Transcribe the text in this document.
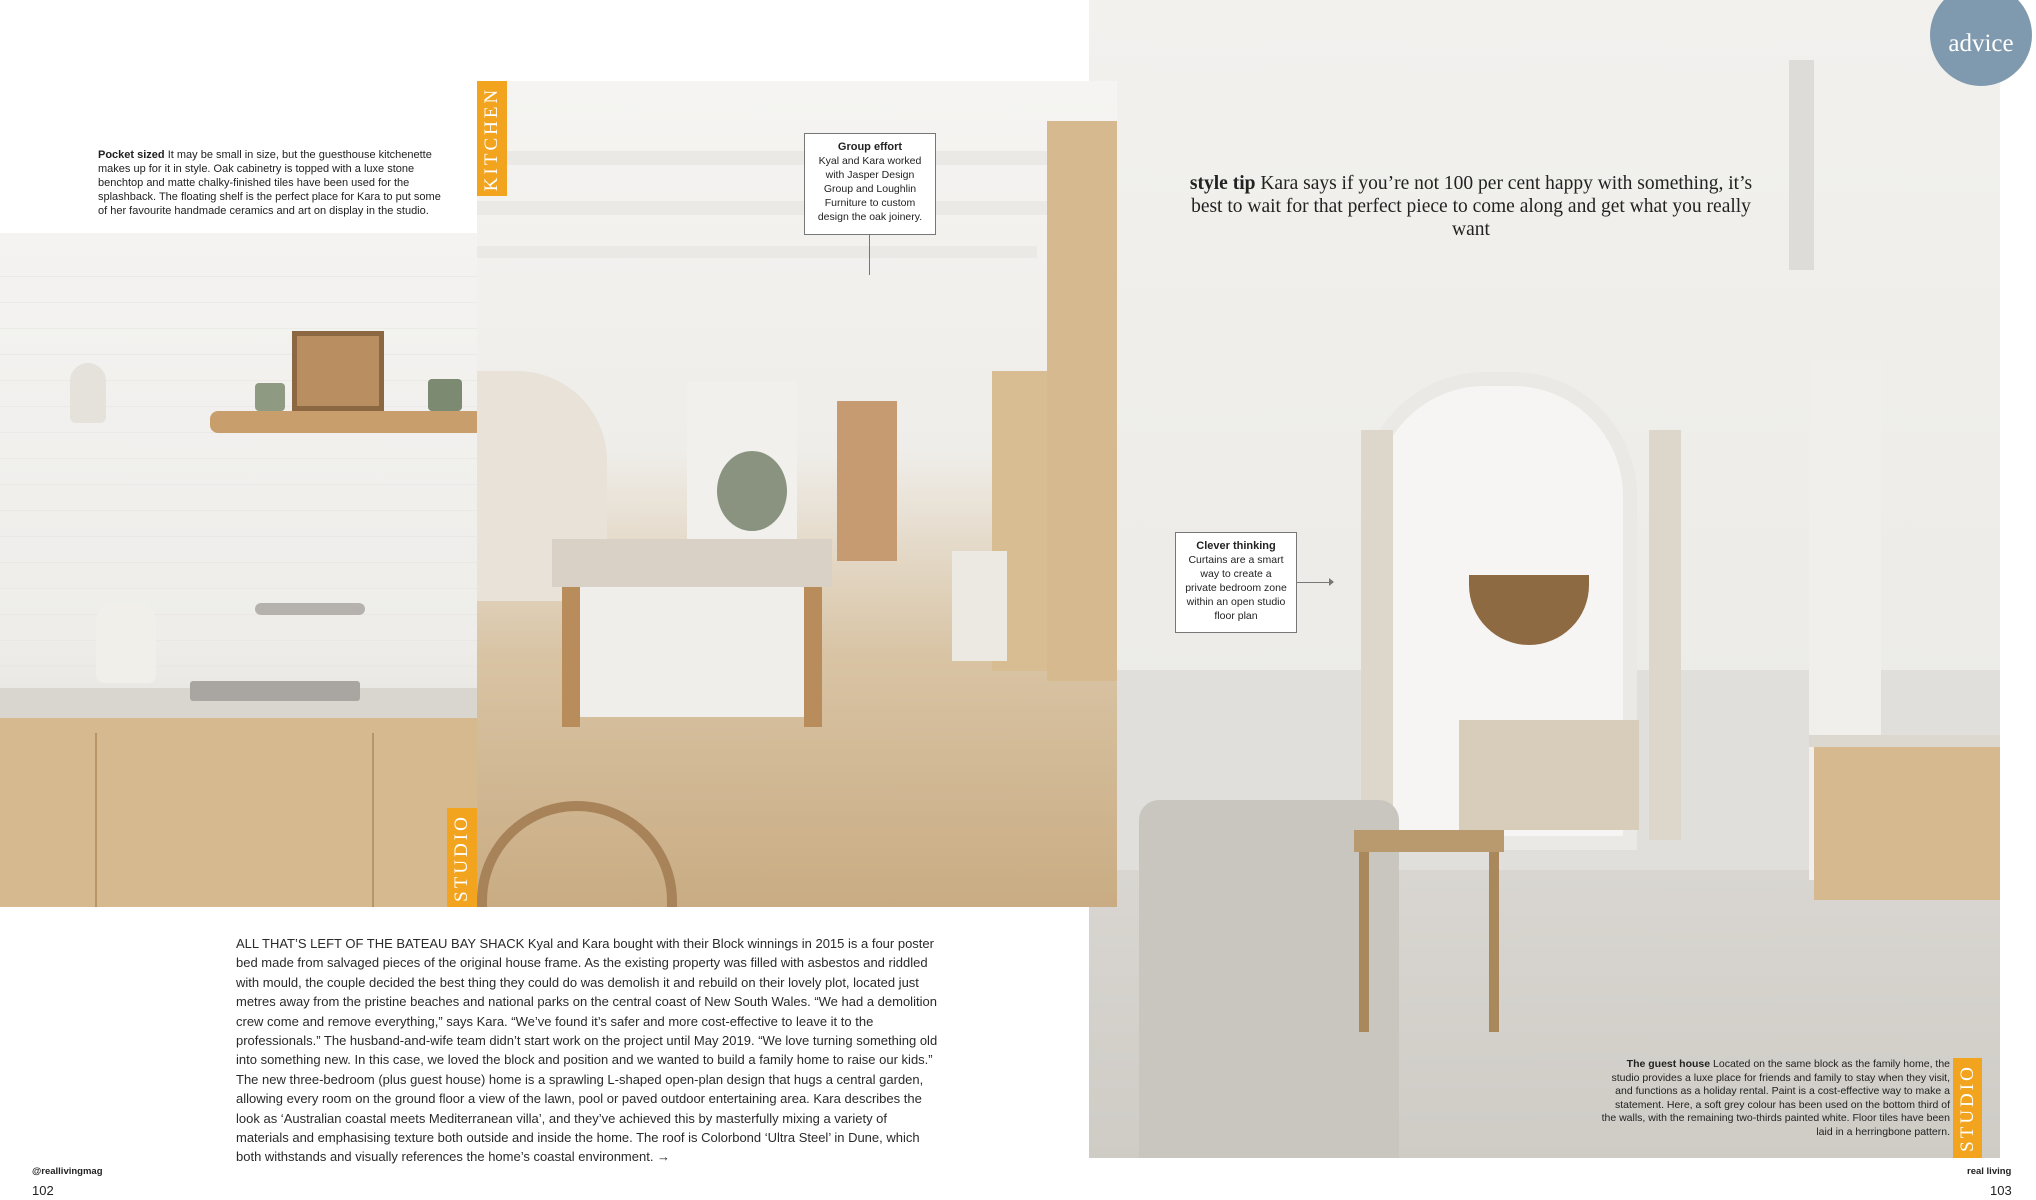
advice
style tip Kara says if you’re not 100 per cent happy with something, it’s best to wait for that perfect piece to come along and get what you really want
Clever thinking
Curtains are a smart way to create a private bedroom zone within an open studio floor plan
The guest house Located on the same block as the family home, the studio provides a luxe place for friends and family to stay when they visit, and functions as a holiday rental. Paint is a cost-effective way to make a statement. Here, a soft grey colour has been used on the bottom third of the walls, with the remaining two-thirds painted white. Floor tiles have been laid in a herringbone pattern. STUDIO
Group effort
Kyal and Kara worked with Jasper Design Group and Loughlin Furniture to custom design the oak joinery.
KITCHEN
STUDIO
Pocket sized It may be small in size, but the guesthouse kitchenette makes up for it in style. Oak cabinetry is topped with a luxe stone benchtop and matte chalky-finished tiles have been used for the splashback. The floating shelf is the perfect place for Kara to put some of her favourite handmade ceramics and art on display in the studio.
ALL THAT’S LEFT OF THE BATEAU BAY SHACK Kyal and Kara bought with their Block winnings in 2015 is a four poster bed made from salvaged pieces of the original house frame. As the existing property was filled with asbestos and riddled with mould, the couple decided the best thing they could do was demolish it and rebuild on their lovely plot, located just metres away from the pristine beaches and national parks on the central coast of New South Wales. “We had a demolition crew come and remove everything,” says Kara. “We’ve found it’s safer and more cost-effective to leave it to the professionals.” The husband-and-wife team didn’t start work on the project until May 2019. “We love turning something old into something new. In this case, we loved the block and position and we wanted to build a family home to raise our kids.” The new three-bedroom (plus guest house) home is a sprawling L-shaped open-plan design that hugs a central garden, allowing every room on the ground floor a view of the lawn, pool or paved outdoor entertaining area. Kara describes the look as ‘Australian coastal meets Mediterranean villa’, and they’ve achieved this by masterfully mixing a variety of materials and emphasising texture both outside and inside the home. The roof is Colorbond ‘Ultra Steel’ in Dune, which both withstands and visually references the home’s coastal environment. →
@reallivingmag
102
real living
103
